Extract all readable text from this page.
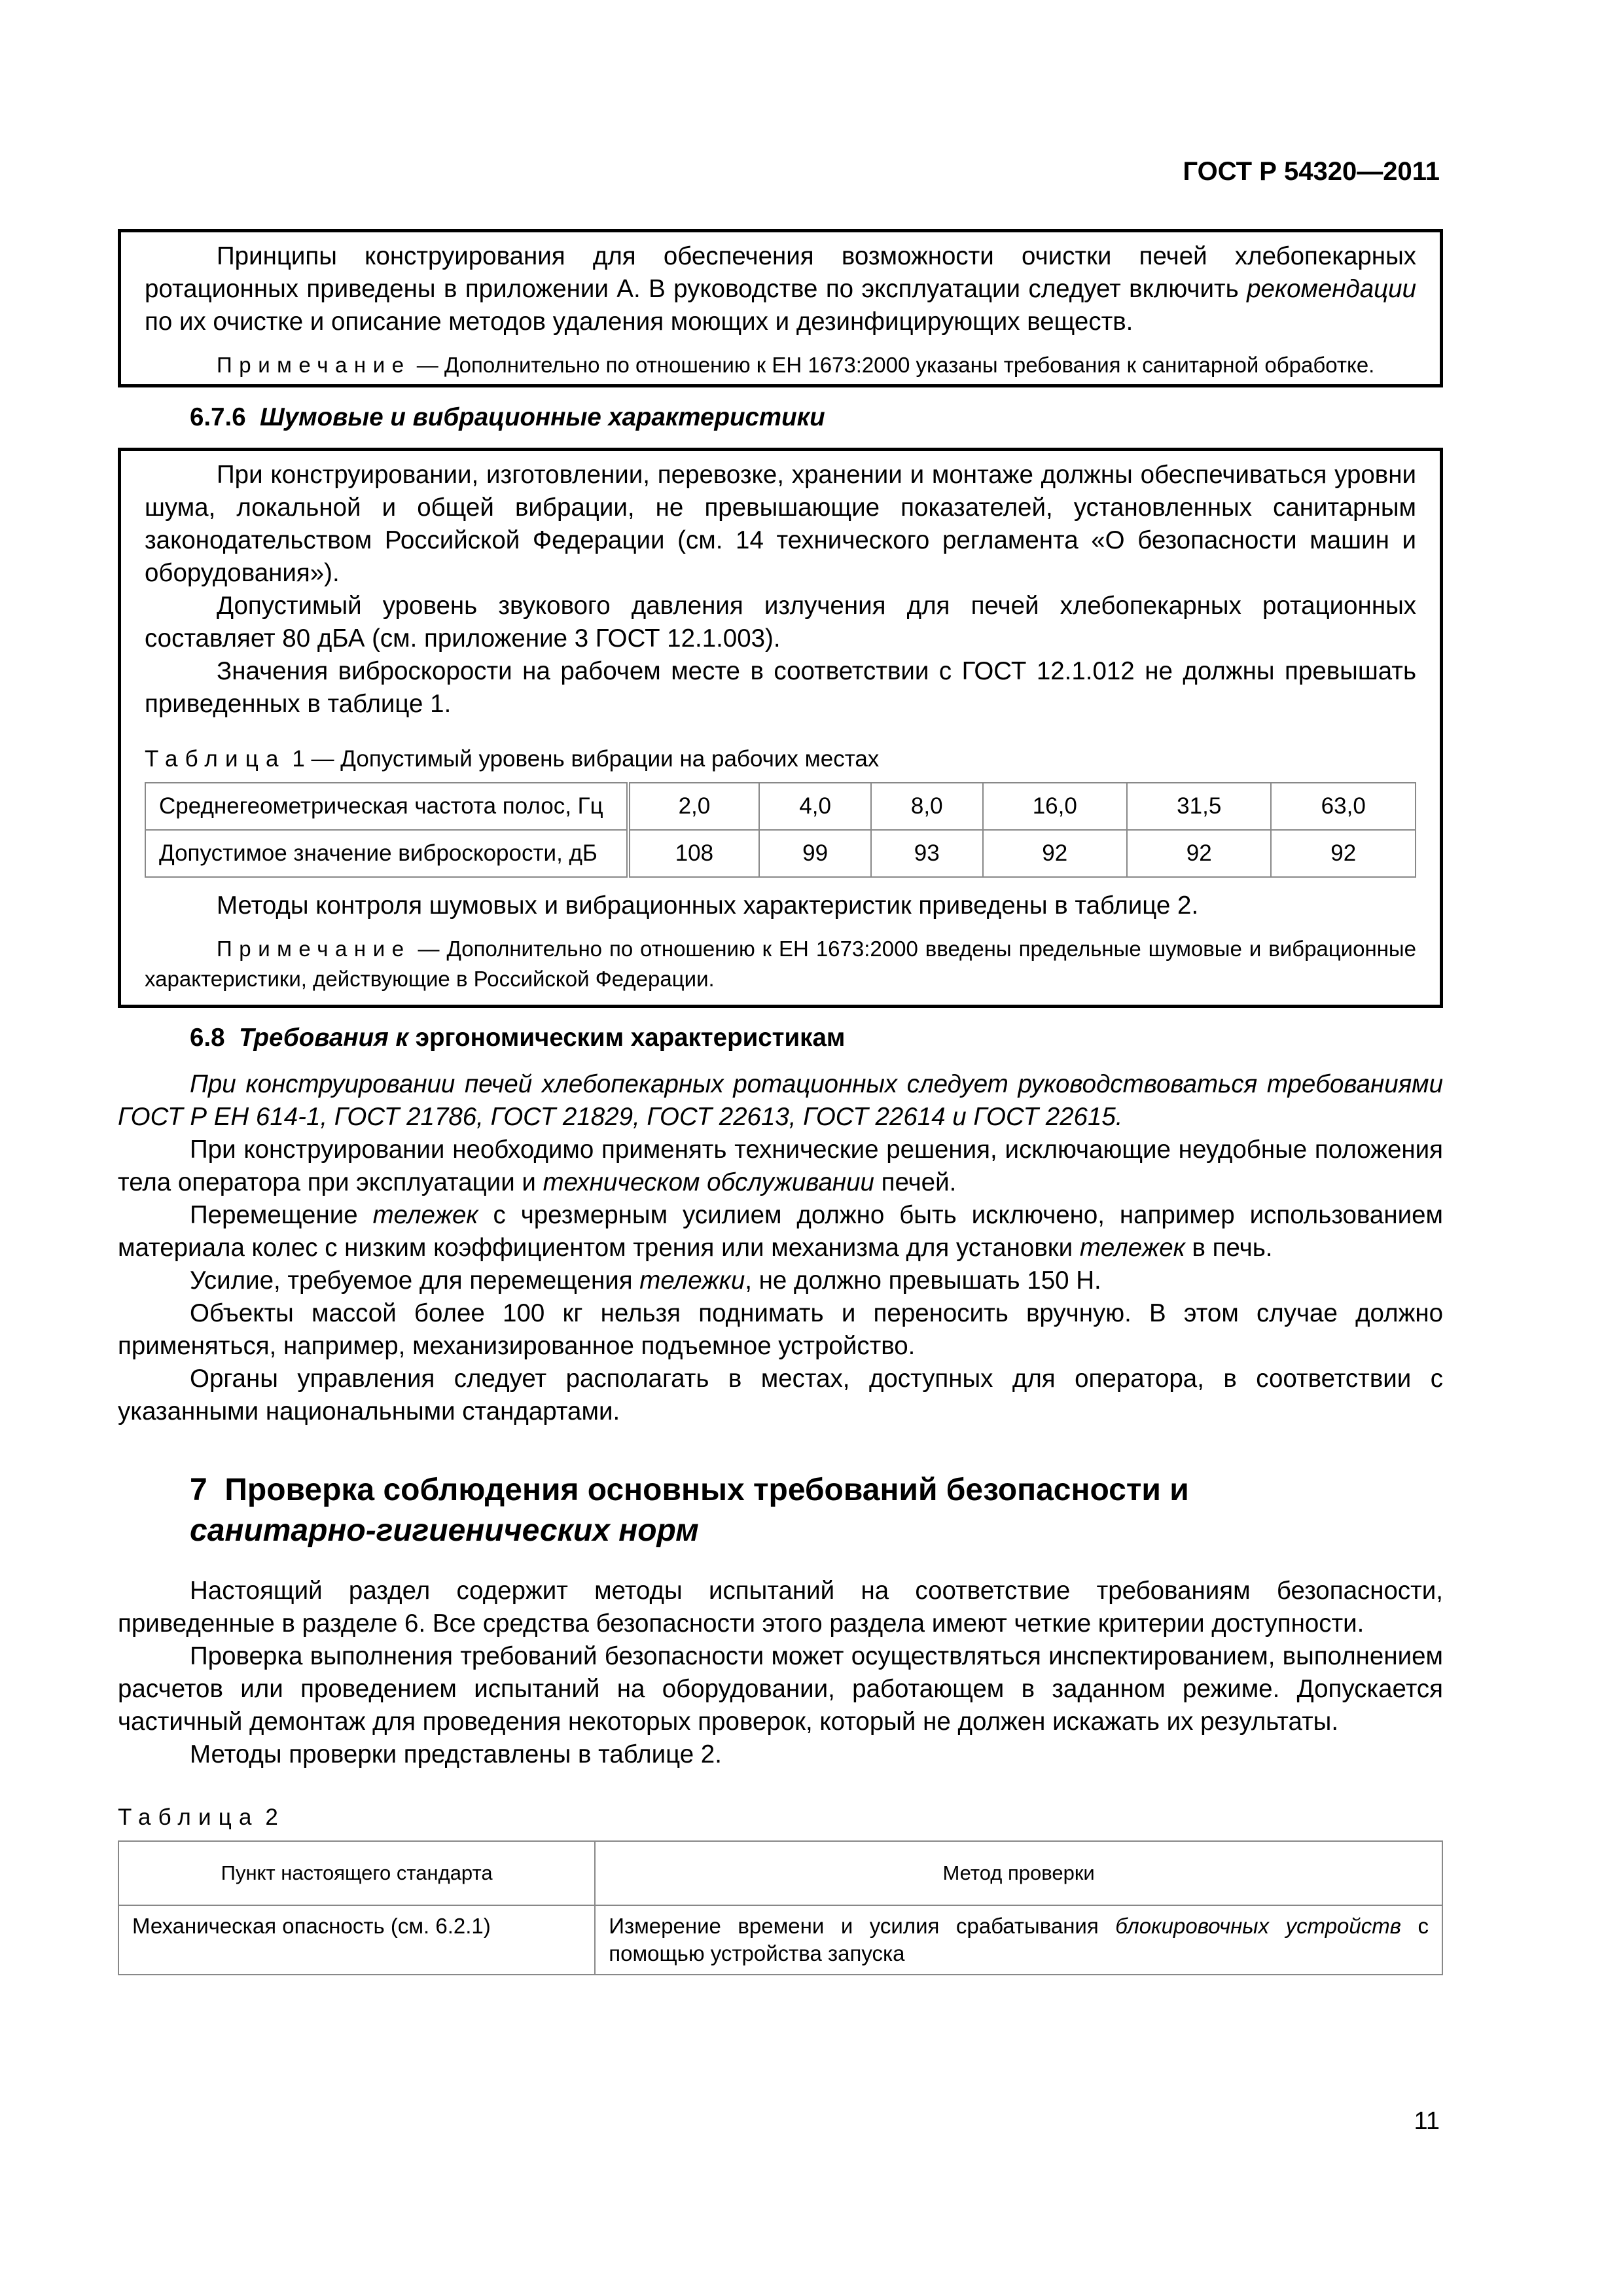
ГОСТ Р 54320—2011

Принципы конструирования для обеспечения возможности очистки печей хлебопекарных ротационных приведены в приложении А. В руководстве по эксплуатации следует включить рекомендации по их очистке и описание методов удаления моющих и дезинфицирующих веществ.

Примечание — Дополнительно по отношению к ЕН 1673:2000 указаны требования к санитарной обработке.

6.7.6 Шумовые и вибрационные характеристики

При конструировании, изготовлении, перевозке, хранении и монтаже должны обеспечиваться уровни шума, локальной и общей вибрации, не превышающие показателей, установленных санитарным законодательством Российской Федерации (см. 14 технического регламента «О безопасности машин и оборудования»).

Допустимый уровень звукового давления излучения для печей хлебопекарных ротационных составляет 80 дБА (см. приложение 3 ГОСТ 12.1.003).

Значения виброскорости на рабочем месте в соответствии с ГОСТ 12.1.012 не должны превышать приведенных в таблице 1.

Таблица 1 — Допустимый уровень вибрации на рабочих местах

Среднегеометрическая частота полос, Гц	2,0	4,0	8,0	16,0	31,5	63,0
Допустимое значение виброскорости, дБ	108	99	93	92	92	92

Методы контроля шумовых и вибрационных характеристик приведены в таблице 2.

Примечание — Дополнительно по отношению к ЕН 1673:2000 введены предельные шумовые и вибрационные характеристики, действующие в Российской Федерации.

6.8 Требования к эргономическим характеристикам

При конструировании печей хлебопекарных ротационных следует руководствоваться требованиями ГОСТ Р ЕН 614-1, ГОСТ 21786, ГОСТ 21829, ГОСТ 22613, ГОСТ 22614 и ГОСТ 22615.

При конструировании необходимо применять технические решения, исключающие неудобные положения тела оператора при эксплуатации и техническом обслуживании печей.

Перемещение тележек с чрезмерным усилием должно быть исключено, например использованием материала колес с низким коэффициентом трения или механизма для установки тележек в печь.

Усилие, требуемое для перемещения тележки, не должно превышать 150 Н.

Объекты массой более 100 кг нельзя поднимать и переносить вручную. В этом случае должно применяться, например, механизированное подъемное устройство.

Органы управления следует располагать в местах, доступных для оператора, в соответствии с указанными национальными стандартами.

7 Проверка соблюдения основных требований безопасности и
санитарно-гигиенических норм

Настоящий раздел содержит методы испытаний на соответствие требованиям безопасности, приведенные в разделе 6. Все средства безопасности этого раздела имеют четкие критерии доступности.

Проверка выполнения требований безопасности может осуществляться инспектированием, выполнением расчетов или проведением испытаний на оборудовании, работающем в заданном режиме. Допускается частичный демонтаж для проведения некоторых проверок, который не должен искажать их результаты.

Методы проверки представлены в таблице 2.

Таблица 2

Пункт настоящего стандарта	Метод проверки
Механическая опасность (см. 6.2.1)	Измерение времени и усилия срабатывания блокировочных устройств с помощью устройства запуска
11
